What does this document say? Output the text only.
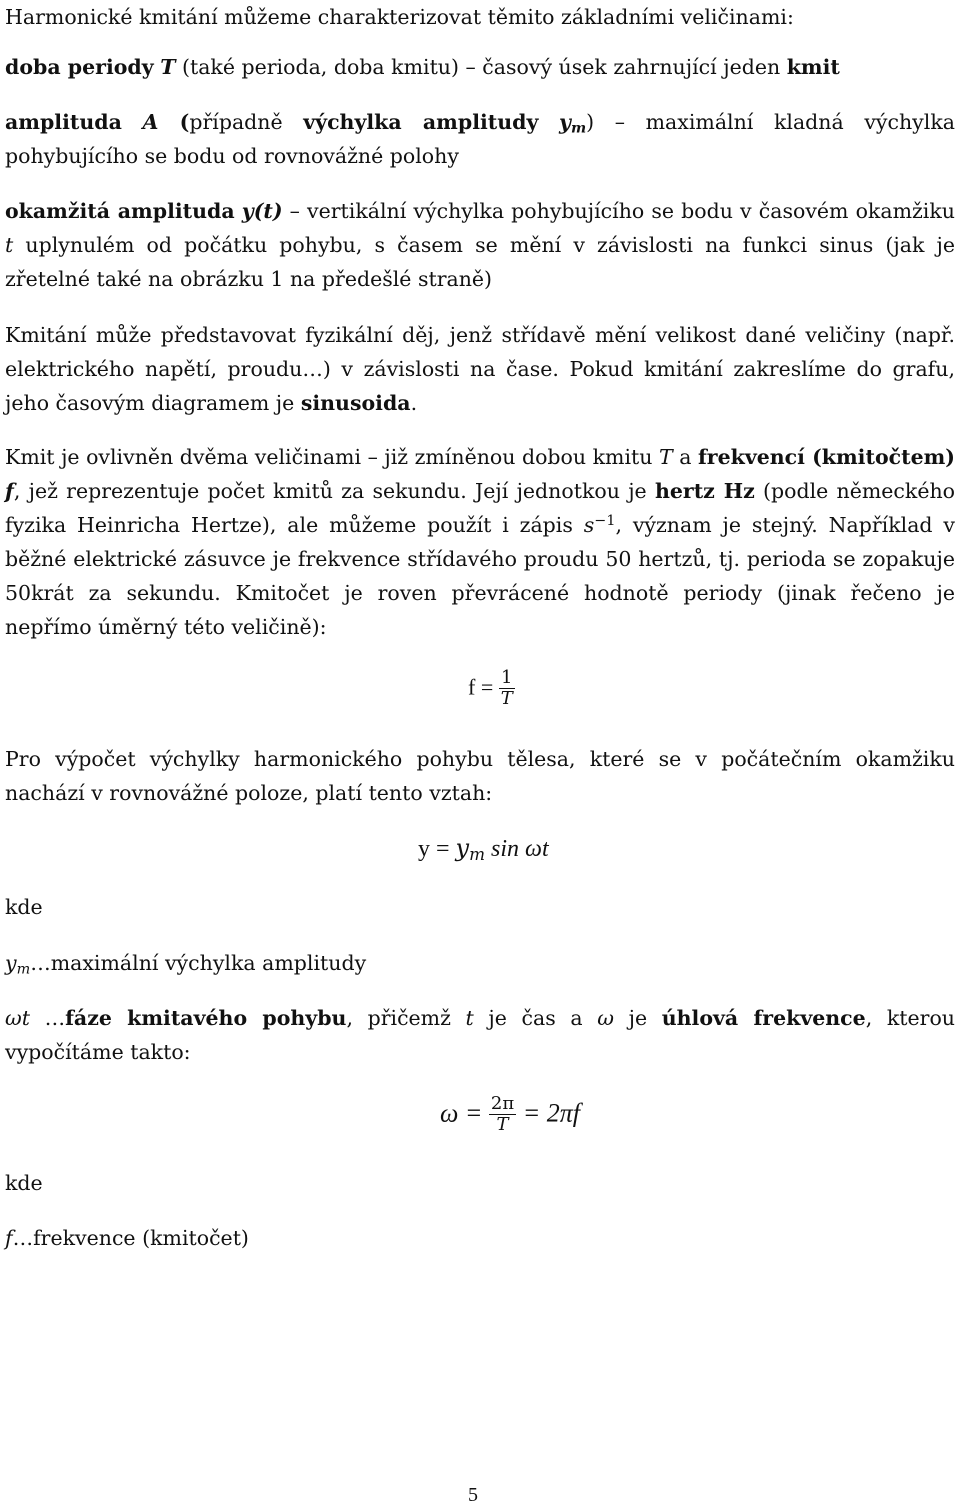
Harmonické kmitání můžeme charakterizovat těmito základními veličinami:
doba periody T (také perioda, doba kmitu) – časový úsek zahrnující jeden kmit
amplituda A (případně výchylka amplitudy $y_m$) – maximální kladná výchylka pohybujícího se bodu od rovnovážné polohy
okamžitá amplituda y(t) – vertikální výchylka pohybujícího se bodu v časovém okamžiku t uplynulém od počátku pohybu, s časem se mění v závislosti na funkci sinus (jak je zřetelné také na obrázku 1 na předešlé straně)
Kmitání může představovat fyzikální děj, jenž střídavě mění velikost dané veličiny (např. elektrického napětí, proudu…) v závislosti na čase. Pokud kmitání zakreslíme do grafu, jeho časovým diagramem je sinusoida.
Kmit je ovlivněn dvěma veličinami – již zmíněnou dobou kmitu T a frekvencí (kmitočtem) f, jež reprezentuje počet kmitů za sekundu. Její jednotkou je hertz Hz (podle německého fyzika Heinricha Hertze), ale můžeme použít i zápis $s^{-1}$, význam je stejný. Například v běžné elektrické zásuvce je frekvence střídavého proudu 50 hertzů, tj. perioda se zopakuje 50krát za sekundu. Kmitočet je roven převrácené hodnotě periody (jinak řečeno je nepřímo úměrný této veličině):
$f = \frac{1}{T}$
Pro výpočet výchylky harmonického pohybu tělesa, které se v počátečním okamžiku nachází v rovnovážné poloze, platí tento vztah:
$y = y_m$ sin ωt
kde
$y_m\dots maximá\ln í$ výchylka amplitudy
ωt …fáze kmitavého pohybu, přičemž t je čas a ω je úhlová frekvence, kterou vypočítáme takto:
$\omega = \frac{2\pi}{T} = 2\pi f$
kde
f…frekvence (kmitočet)
5
